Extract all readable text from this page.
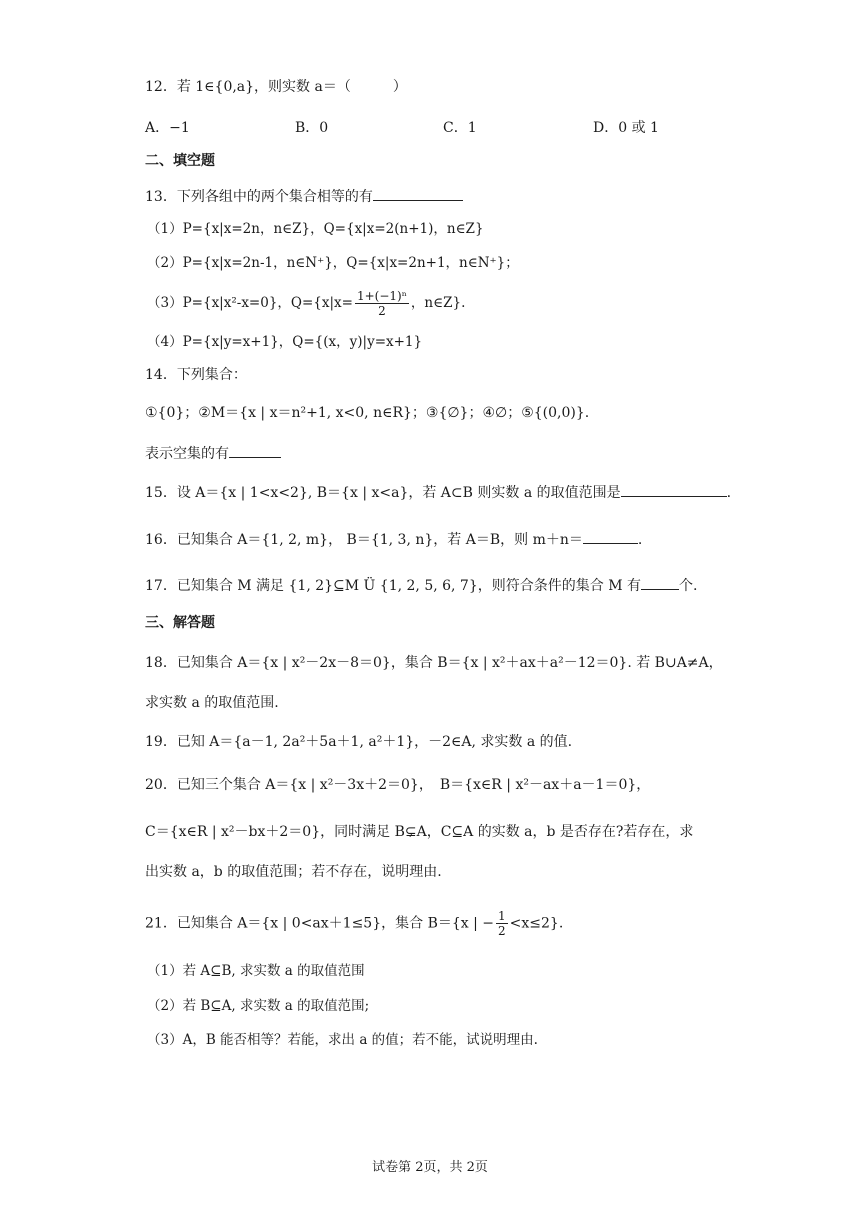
12．若 1∈{0,a}，则实数 a＝（　　　）
A．−1	B．0	C．1	D．0 或 1
二、填空题
13．下列各组中的两个集合相等的有
（1）P={x|x=2n，n∈Z}，Q={x|x=2(n+1)，n∈Z}
（2）P={x|x=2n-1，n∈N⁺}，Q={x|x=2n+1，n∈N⁺}；
（3）P={x|x²-x=0}，$Q=\{x|x= \frac{\text{1+(−1)ⁿ}}{2}$ ，n∈Z}.
（4）P={x|y=x+1}，Q={(x，y)|y=x+1}
14．下列集合：
①{0}；②M＝{x | x＝n²+1, x<0, n∈R}；③{∅}；④∅；⑤{(0,0)}.
表示空集的有
15．设 A＝{x | 1<x<2}, B＝{x | x<a}，若 A⊂B 则实数 a 的取值范围是	.
16．已知集合 A＝{1, 2, m}， B＝{1, 3, n}，若 A＝B，则 m＋n＝	.
17．已知集合 M 满足 {1, 2}⊆M Ü {1, 2, 5, 6, 7}，则符合条件的集合 M 有	个.
三、解答题
18．已知集合 A＝{x | x²－2x－8＝0}，集合 B＝{x | x²＋ax＋a²－12＝0}. 若 B∪A≠A，
求实数 a 的取值范围.
19．已知 A＝{a－1, 2a²＋5a＋1, a²＋1}，－2∈A, 求实数 a 的值.
20．已知三个集合 A＝{x | x²－3x＋2＝0}，　B＝{x∈R | x²－ax＋a－1＝0}，
C＝{x∈R | x²－bx＋2＝0}，同时满足 B⊊A，C⊆A 的实数 a，b 是否存在?若存在，求
出实数 a，b 的取值范围；若不存在，说明理由.
21．已知集合 A＝{x | 0<ax＋1≤5}，集合 B＝{x | − $\frac{1}{2} <x\le 2$}.
（1）若 A⊆B, 求实数 a 的取值范围
（2）若 B⊆A, 求实数 a 的取值范围;
（3）A，B 能否相等？若能，求出 a 的值；若不能，试说明理由.
试卷第 2页，共 2页
